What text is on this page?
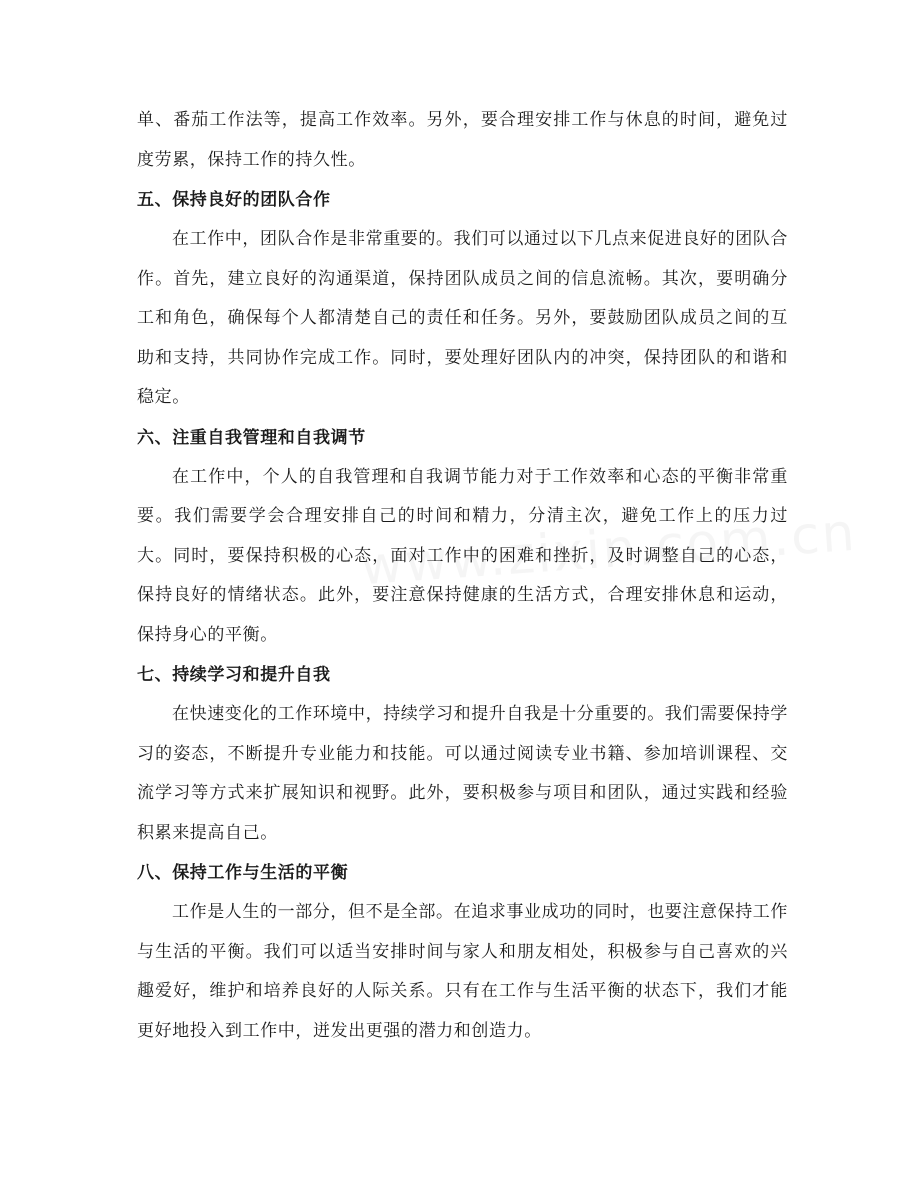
单、番茄工作法等，提高工作效率。另外，要合理安排工作与休息的时间，避免过度劳累，保持工作的持久性。

五、保持良好的团队合作

在工作中，团队合作是非常重要的。我们可以通过以下几点来促进良好的团队合作。首先，建立良好的沟通渠道，保持团队成员之间的信息流畅。其次，要明确分工和角色，确保每个人都清楚自己的责任和任务。另外，要鼓励团队成员之间的互助和支持，共同协作完成工作。同时，要处理好团队内的冲突，保持团队的和谐和稳定。

六、注重自我管理和自我调节

在工作中，个人的自我管理和自我调节能力对于工作效率和心态的平衡非常重要。我们需要学会合理安排自己的时间和精力，分清主次，避免工作上的压力过大。同时，要保持积极的心态，面对工作中的困难和挫折，及时调整自己的心态，保持良好的情绪状态。此外，要注意保持健康的生活方式，合理安排休息和运动，保持身心的平衡。

七、持续学习和提升自我

在快速变化的工作环境中，持续学习和提升自我是十分重要的。我们需要保持学习的姿态，不断提升专业能力和技能。可以通过阅读专业书籍、参加培训课程、交流学习等方式来扩展知识和视野。此外，要积极参与项目和团队，通过实践和经验积累来提高自己。

八、保持工作与生活的平衡

工作是人生的一部分，但不是全部。在追求事业成功的同时，也要注意保持工作与生活的平衡。我们可以适当安排时间与家人和朋友相处，积极参与自己喜欢的兴趣爱好，维护和培养良好的人际关系。只有在工作与生活平衡的状态下，我们才能更好地投入到工作中，迸发出更强的潜力和创造力。
